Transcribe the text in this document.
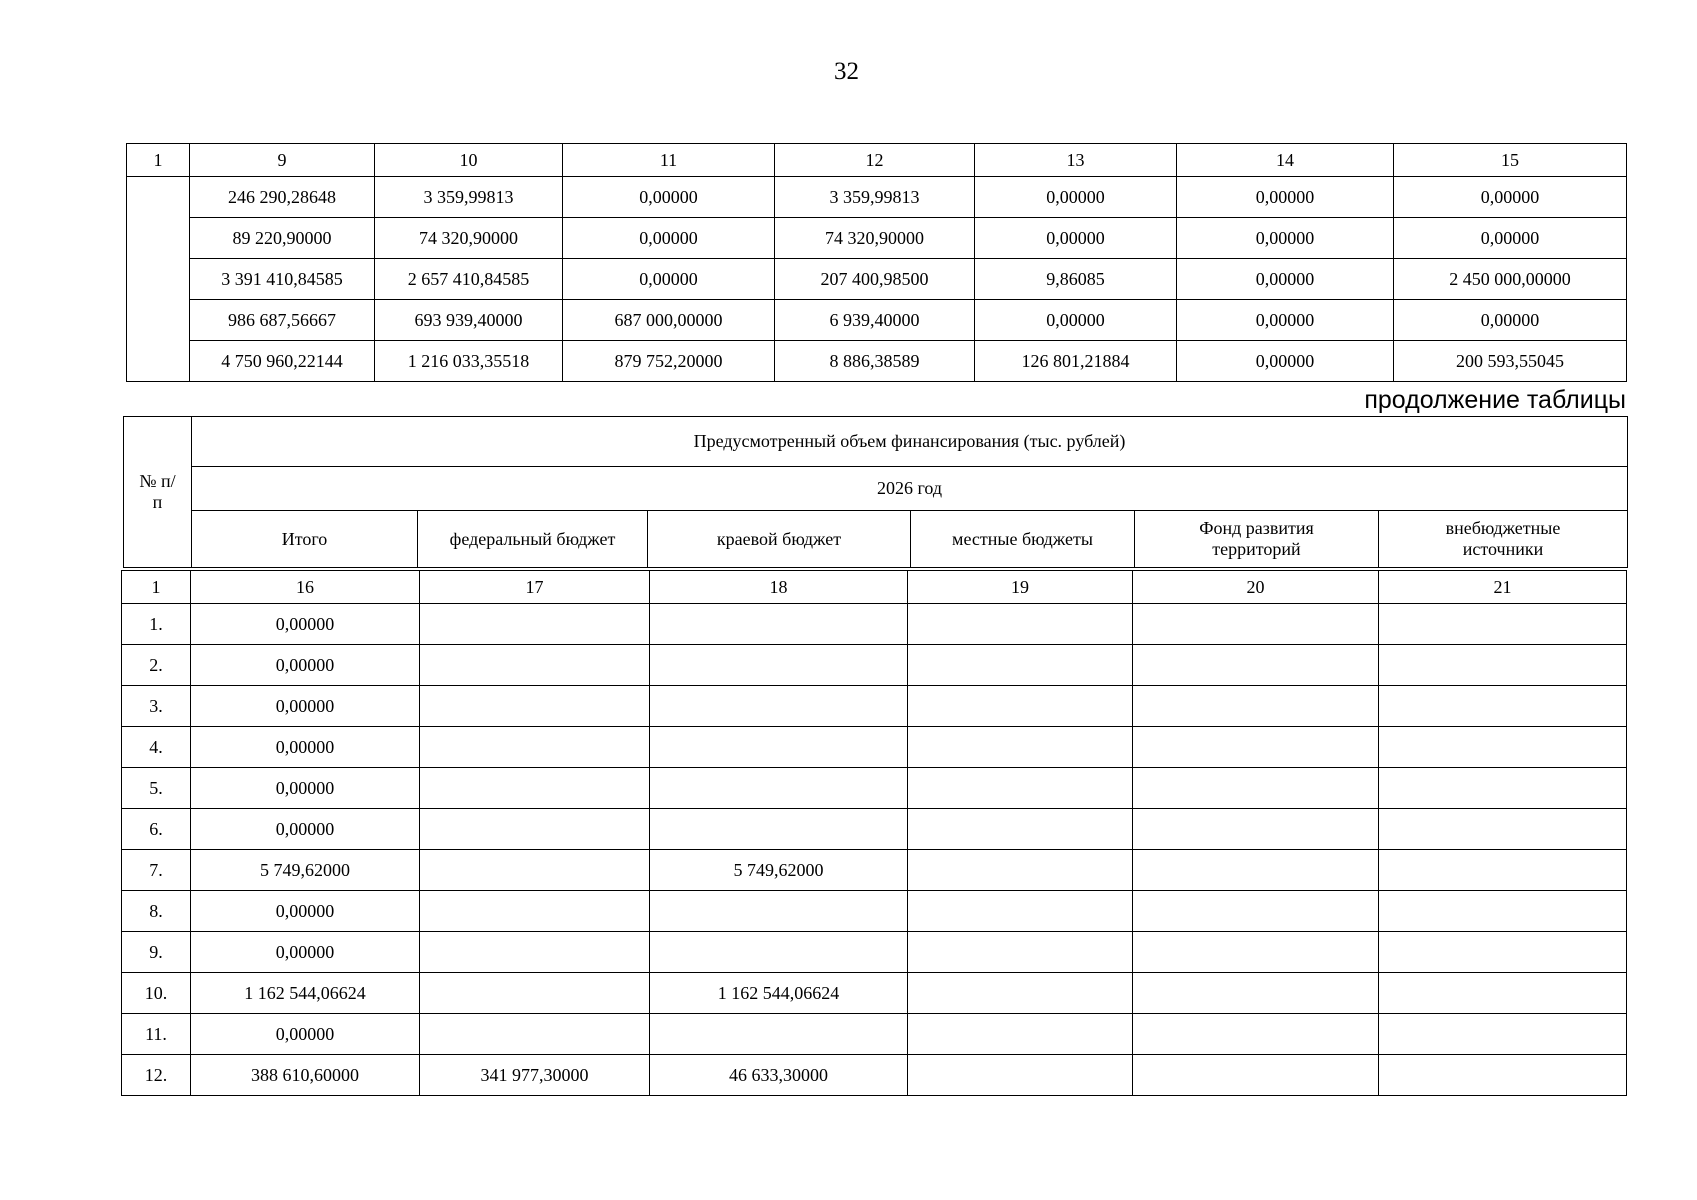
32
1	9	10	11	12	13	14	15
	246 290,28648	3 359,99813	0,00000	3 359,99813	0,00000	0,00000	0,00000
	89 220,90000	74 320,90000	0,00000	74 320,90000	0,00000	0,00000	0,00000
	3 391 410,84585	2 657 410,84585	0,00000	207 400,98500	9,86085	0,00000	2 450 000,00000
	986 687,56667	693 939,40000	687 000,00000	6 939,40000	0,00000	0,00000	0,00000
	4 750 960,22144	1 216 033,35518	879 752,20000	8 886,38589	126 801,21884	0,00000	200 593,55045
продолжение таблицы
№ п/п	Предусмотренный объем финансирования (тыс. рублей)					
	2026 год					
	Итого	федеральный бюджет	краевой бюджет	местные бюджеты	Фонд развития территорий	внебюджетные источники
1	16	17	18	19	20	21
1.	0,00000					
2.	0,00000					
3.	0,00000					
4.	0,00000					
5.	0,00000					
6.	0,00000					
7.	5 749,62000		5 749,62000			
8.	0,00000					
9.	0,00000					
10.	1 162 544,06624		1 162 544,06624			
11.	0,00000					
12.	388 610,60000	341 977,30000	46 633,30000			
